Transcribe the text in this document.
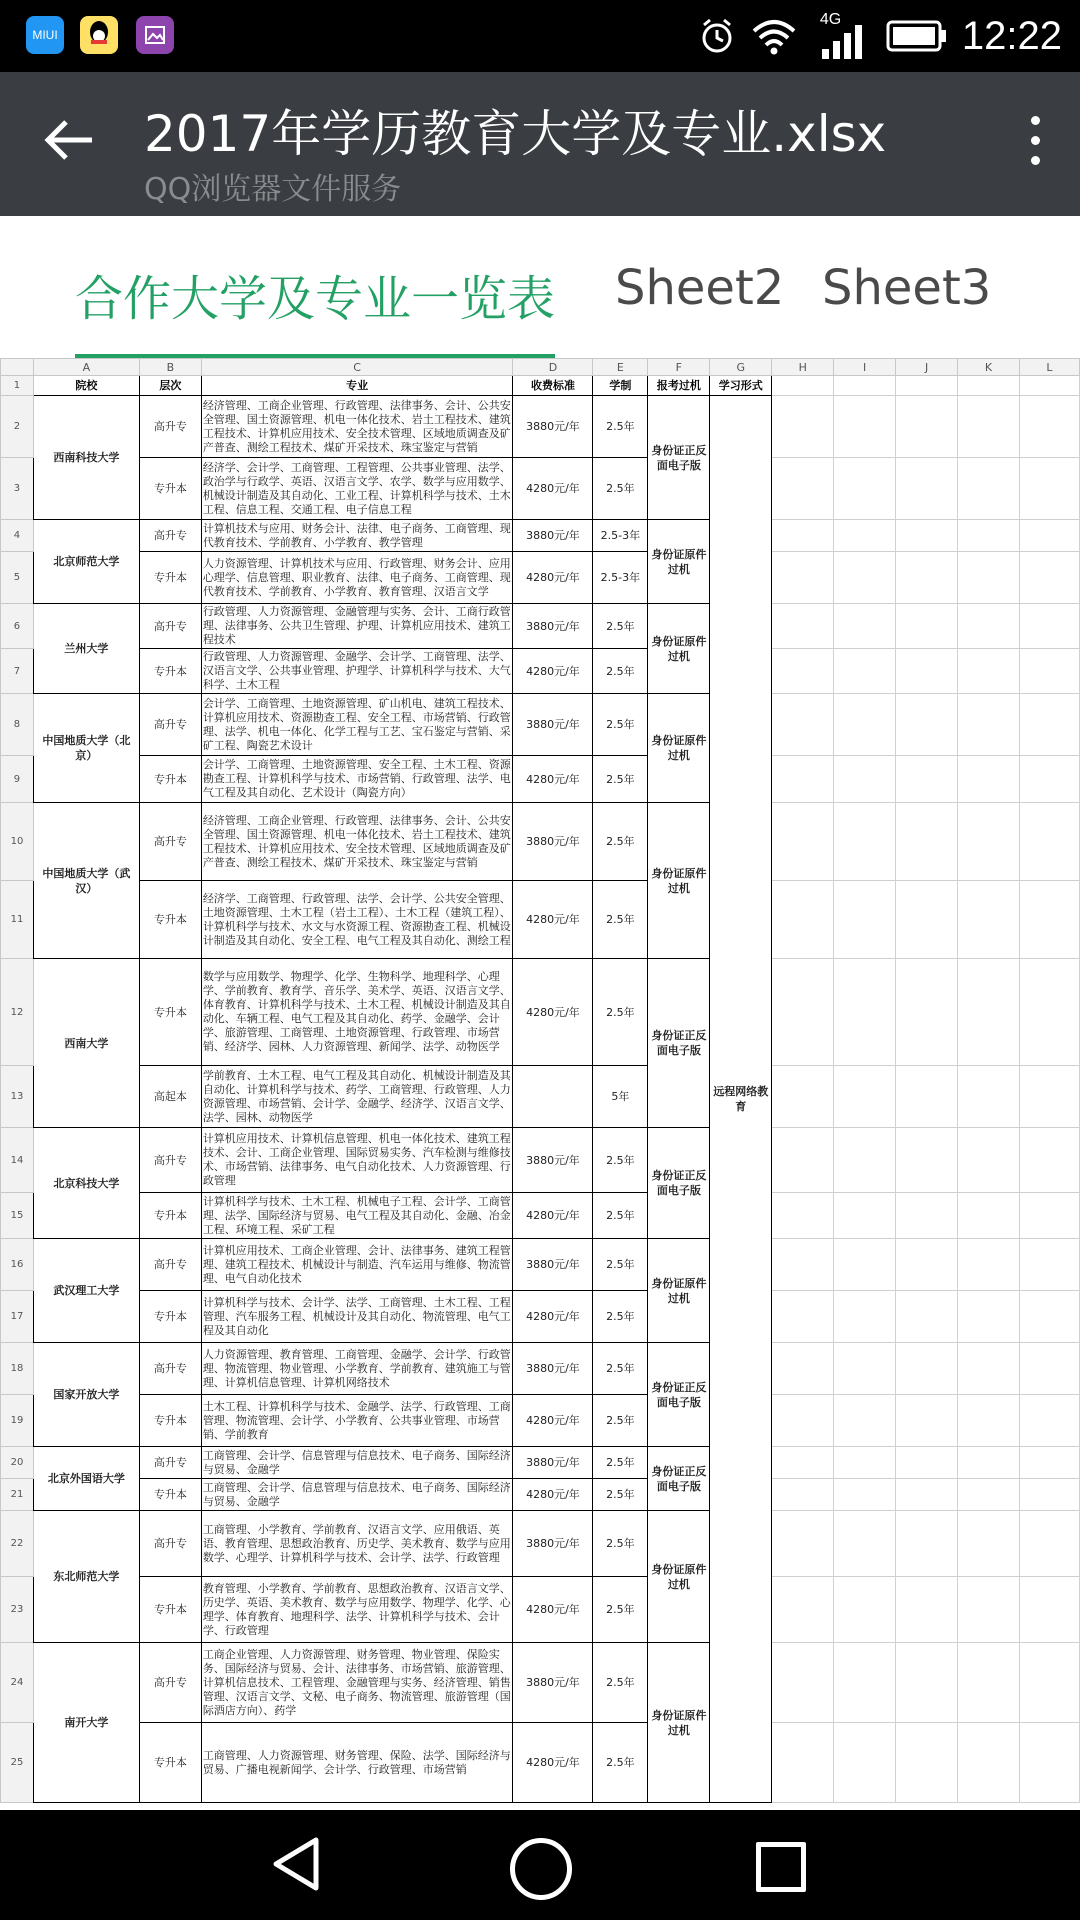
MIUI
4G	12:22
2017年学历教育大学及专业.xlsx
QQ浏览器文件服务
合作大学及专业一览表 Sheet2 Sheet3
	A	B	C	D	E	F	G	H	I	J	K	L
1	院校	层次	专业	收费标准	学制	报考过机	学习形式					
2	西南科技大学	高升专	经济管理、工商企业管理、行政管理、法律事务、会计、公共安全管理、国土资源管理、机电一体化技术、岩土工程技术、建筑工程技术、计算机应用技术、安全技术管理、区域地质调查及矿产普查、测绘工程技术、煤矿开采技术、珠宝鉴定与营销	3880元/年	2.5年	身份证正反面电子版	远程网络教育					
3		专升本	经济学、会计学、工商管理、工程管理、公共事业管理、法学、政治学与行政学、英语、汉语言文学、农学、数学与应用数学、机械设计制造及其自动化、工业工程、计算机科学与技术、土木工程、信息工程、交通工程、电子信息工程	4280元/年	2.5年							
4	北京师范大学	高升专	计算机技术与应用、财务会计、法律、电子商务、工商管理、现代教育技术、学前教育、小学教育、教学管理	3880元/年	2.5-3年	身份证原件过机						
5		专升本	人力资源管理、计算机技术与应用、行政管理、财务会计、应用心理学、信息管理、职业教育、法律、电子商务、工商管理、现代教育技术、学前教育、小学教育、教育管理、汉语言文学	4280元/年	2.5-3年							
6	兰州大学	高升专	行政管理、人力资源管理、金融管理与实务、会计、工商行政管理、法律事务、公共卫生管理、护理、计算机应用技术、建筑工程技术	3880元/年	2.5年	身份证原件过机						
7		专升本	行政管理、人力资源管理、金融学、会计学、工商管理、法学、汉语言文学、公共事业管理、护理学、计算机科学与技术、大气科学、土木工程	4280元/年	2.5年							
8	中国地质大学（北京）	高升专	会计学、工商管理、土地资源管理、矿山机电、建筑工程技术、计算机应用技术、资源勘查工程、安全工程、市场营销、行政管理、法学、机电一体化、化学工程与工艺、宝石鉴定与营销、采矿工程、陶瓷艺术设计	3880元/年	2.5年	身份证原件过机						
9		专升本	会计学、工商管理、土地资源管理、安全工程、土木工程、资源勘查工程、计算机科学与技术、市场营销、行政管理、法学、电气工程及其自动化、艺术设计（陶瓷方向）	4280元/年	2.5年							
10	中国地质大学（武汉）	高升专	经济管理、工商企业管理、行政管理、法律事务、会计、公共安全管理、国土资源管理、机电一体化技术、岩土工程技术、建筑工程技术、计算机应用技术、安全技术管理、区域地质调查及矿产普查、测绘工程技术、煤矿开采技术、珠宝鉴定与营销	3880元/年	2.5年	身份证原件过机						
11		专升本	经济学、工商管理、行政管理、法学、会计学、公共安全管理、土地资源管理、土木工程（岩土工程）、土木工程（建筑工程）、计算机科学与技术、水文与水资源工程、资源勘查工程、机械设计制造及其自动化、安全工程、电气工程及其自动化、测绘工程	4280元/年	2.5年							
12	西南大学	专升本	数学与应用数学、物理学、化学、生物科学、地理科学、心理学、学前教育、教育学、音乐学、美术学、英语、汉语言文学、体育教育、计算机科学与技术、土木工程、机械设计制造及其自动化、车辆工程、电气工程及其自动化、药学、金融学、会计学、旅游管理、工商管理、土地资源管理、行政管理、市场营销、经济学、园林、人力资源管理、新闻学、法学、动物医学	4280元/年	2.5年	身份证正反面电子版						
13		高起本	学前教育、土木工程、电气工程及其自动化、机械设计制造及其自动化、计算机科学与技术、药学、工商管理、行政管理、人力资源管理、市场营销、会计学、金融学、经济学、汉语言文学、法学、园林、动物医学		5年							
14	北京科技大学	高升专	计算机应用技术、计算机信息管理、机电一体化技术、建筑工程技术、会计、工商企业管理、国际贸易实务、汽车检测与维修技术、市场营销、法律事务、电气自动化技术、人力资源管理、行政管理	3880元/年	2.5年	身份证正反面电子版						
15		专升本	计算机科学与技术、土木工程、机械电子工程、会计学、工商管理、法学、国际经济与贸易、电气工程及其自动化、金融、冶金工程、环境工程、采矿工程	4280元/年	2.5年							
16	武汉理工大学	高升专	计算机应用技术、工商企业管理、会计、法律事务、建筑工程管理、建筑工程技术、机械设计与制造、汽车运用与维修、物流管理、电气自动化技术	3880元/年	2.5年	身份证原件过机						
17		专升本	计算机科学与技术、会计学、法学、工商管理、土木工程、工程管理、汽车服务工程、机械设计及其自动化、物流管理、电气工程及其自动化	4280元/年	2.5年							
18	国家开放大学	高升专	人力资源管理、教育管理、工商管理、金融学、会计学、行政管理、物流管理、物业管理、小学教育、学前教育、建筑施工与管理、计算机信息管理、计算机网络技术	3880元/年	2.5年	身份证正反面电子版						
19		专升本	土木工程、计算机科学与技术、金融学、法学、行政管理、工商管理、物流管理、会计学、小学教育、公共事业管理、市场营销、学前教育	4280元/年	2.5年							
20	北京外国语大学	高升专	工商管理、会计学、信息管理与信息技术、电子商务、国际经济与贸易、金融学	3880元/年	2.5年	身份证正反面电子版						
21		专升本	工商管理、会计学、信息管理与信息技术、电子商务、国际经济与贸易、金融学	4280元/年	2.5年							
22	东北师范大学	高升专	工商管理、小学教育、学前教育、汉语言文学、应用俄语、英语、教育管理、思想政治教育、历史学、美术教育、数学与应用数学、心理学、计算机科学与技术、会计学、法学、行政管理	3880元/年	2.5年	身份证原件过机						
23		专升本	教育管理、小学教育、学前教育、思想政治教育、汉语言文学、历史学、英语、美术教育、数学与应用数学、物理学、化学、心理学、体育教育、地理科学、法学、计算机科学与技术、会计学、行政管理	4280元/年	2.5年							
24	南开大学	高升专	工商企业管理、人力资源管理、财务管理、物业管理、保险实务、国际经济与贸易、会计、法律事务、市场营销、旅游管理、计算机信息技术、工程管理、金融管理与实务、经济管理、销售管理、汉语言文学、文秘、电子商务、物流管理、旅游管理（国际酒店方向）、药学	3880元/年	2.5年	身份证原件过机						
25		专升本	工商管理、人力资源管理、财务管理、保险、法学、国际经济与贸易、广播电视新闻学、会计学、行政管理、市场营销	4280元/年	2.5年							
